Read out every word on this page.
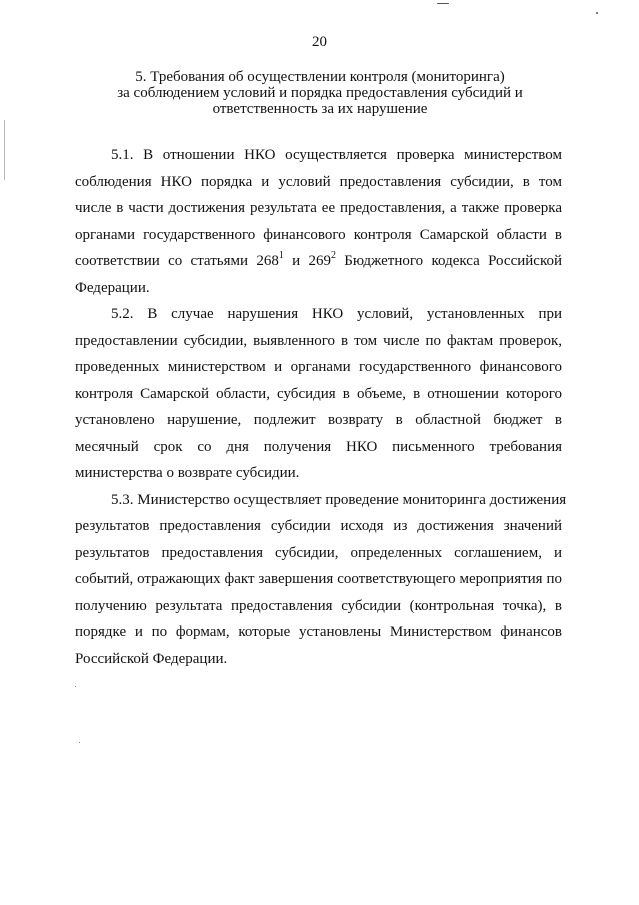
20
5. Требования об осуществлении контроля (мониторинга)
за соблюдением условий и порядка предоставления субсидий и
ответственность за их нарушение
5.1. В отношении НКО осуществляется проверка министерством
соблюдения НКО порядка и условий предоставления субсидии, в том
числе в части достижения результата ее предоставления, а также проверка
органами государственного финансового контроля Самарской области в
соответствии со статьями $268^1$ и $269^2$ Бюджетного кодекса Российской
Федерации.
5.2. В случае нарушения НКО условий, установленных при
предоставлении субсидии, выявленного в том числе по фактам проверок,
проведенных министерством и органами государственного финансового
контроля Самарской области, субсидия в объеме, в отношении которого
установлено нарушение, подлежит возврату в областной бюджет в
месячный срок со дня получения НКО письменного требования
министерства о возврате субсидии.
5.3. Министерство осуществляет проведение мониторинга достижения
результатов предоставления субсидии исходя из достижения значений
результатов предоставления субсидии, определенных соглашением, и
событий, отражающих факт завершения соответствующего мероприятия по
получению результата предоставления субсидии (контрольная точка), в
порядке и по формам, которые установлены Министерством финансов
Российской Федерации.
